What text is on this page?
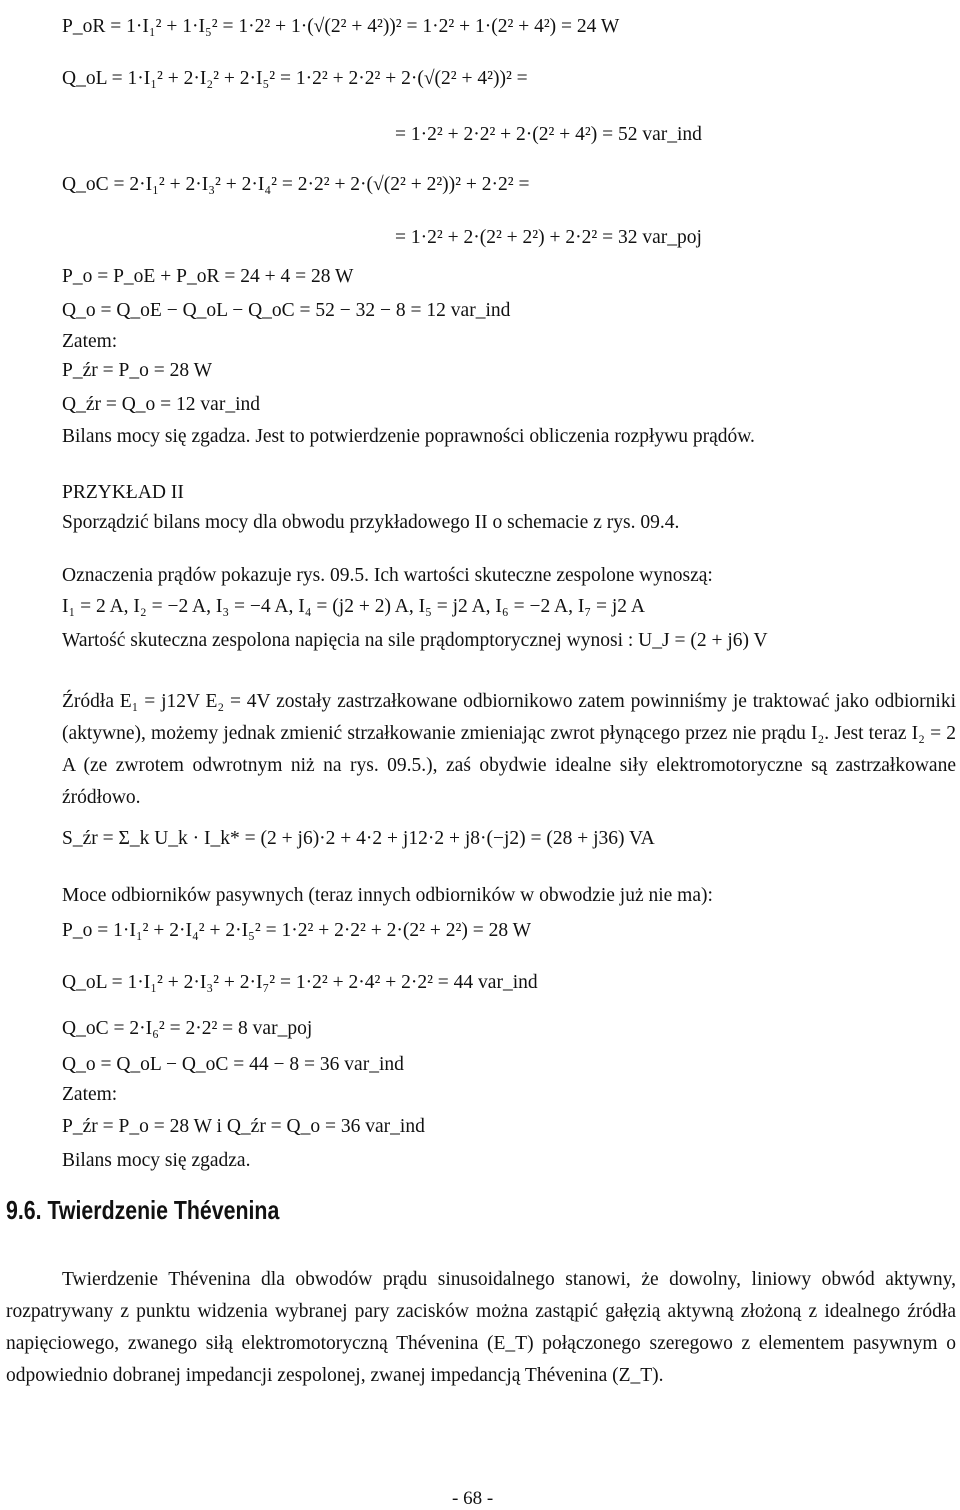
P_oR = 1·I₁² + 1·I₅² = 1·2² + 1·(√(2² + 4²))² = 1·2² + 1·(2² + 4²) = 24 W
Q_oL = 1·I₁² + 2·I₂² + 2·I₅² = 1·2² + 2·2² + 2·(√(2² + 4²))² =
= 1·2² + 2·2² + 2·(2² + 4²) = 52 var_ind
Q_oC = 2·I₁² + 2·I₃² + 2·I₄² = 2·2² + 2·(√(2² + 2²))² + 2·2² =
= 1·2² + 2·(2² + 2²) + 2·2² = 32 var_poj
P_o = P_oE + P_oR = 24 + 4 = 28 W
Q_o = Q_oE − Q_oL − Q_oC = 52 − 32 − 8 = 12 var_ind
Zatem:
P_źr = P_o = 28 W
Q_źr = Q_o = 12 var_ind
Bilans mocy się zgadza. Jest to potwierdzenie poprawności obliczenia rozpływu prądów.
PRZYKŁAD II
Sporządzić bilans mocy dla obwodu przykładowego II o schemacie z rys. 09.4.
Oznaczenia prądów pokazuje rys. 09.5. Ich wartości skuteczne zespolone wynoszą:
I₁ = 2 A, I₂ = −2 A, I₃ = −4 A, I₄ = (j2 + 2) A, I₅ = j2 A, I₆ = −2 A, I₇ = j2 A
Wartość skuteczna zespolona napięcia na sile prądomptorycznej wynosi : U_J = (2 + j6) V
Źródła E₁ = j12V E₂ = 4V zostały zastrzałkowane odbiornikowo zatem powinniśmy je traktować jako odbiorniki (aktywne), możemy jednak zmienić strzałkowanie zmieniając zwrot płynącego przez nie prądu I₂. Jest teraz I₂ = 2 A (ze zwrotem odwrotnym niż na rys. 09.5.), zaś obydwie idealne siły elektromotoryczne są zastrzałkowane źródłowo.
S_źr = Σ_k U_k · I_k* = (2 + j6)·2 + 4·2 + j12·2 + j8·(−j2) = (28 + j36) VA
Moce odbiorników pasywnych (teraz innych odbiorników w obwodzie już nie ma):
P_o = 1·I₁² + 2·I₄² + 2·I₅² = 1·2² + 2·2² + 2·(2² + 2²) = 28 W
Q_oL = 1·I₁² + 2·I₃² + 2·I₇² = 1·2² + 2·4² + 2·2² = 44 var_ind
Q_oC = 2·I₆² = 2·2² = 8 var_poj
Q_o = Q_oL − Q_oC = 44 − 8 = 36 var_ind
Zatem:
P_źr = P_o = 28 W i Q_źr = Q_o = 36 var_ind
Bilans mocy się zgadza.
9.6. Twierdzenie Thévenina
Twierdzenie Thévenina dla obwodów prądu sinusoidalnego stanowi, że dowolny, liniowy obwód aktywny, rozpatrywany z punktu widzenia wybranej pary zacisków można zastąpić gałęzią aktywną złożoną z idealnego źródła napięciowego, zwanego siłą elektromotoryczną Thévenina (E_T) połączonego szeregowo z elementem pasywnym o odpowiednio dobranej impedancji zespolonej, zwanej impedancją Thévenina (Z_T).
- 68 -
